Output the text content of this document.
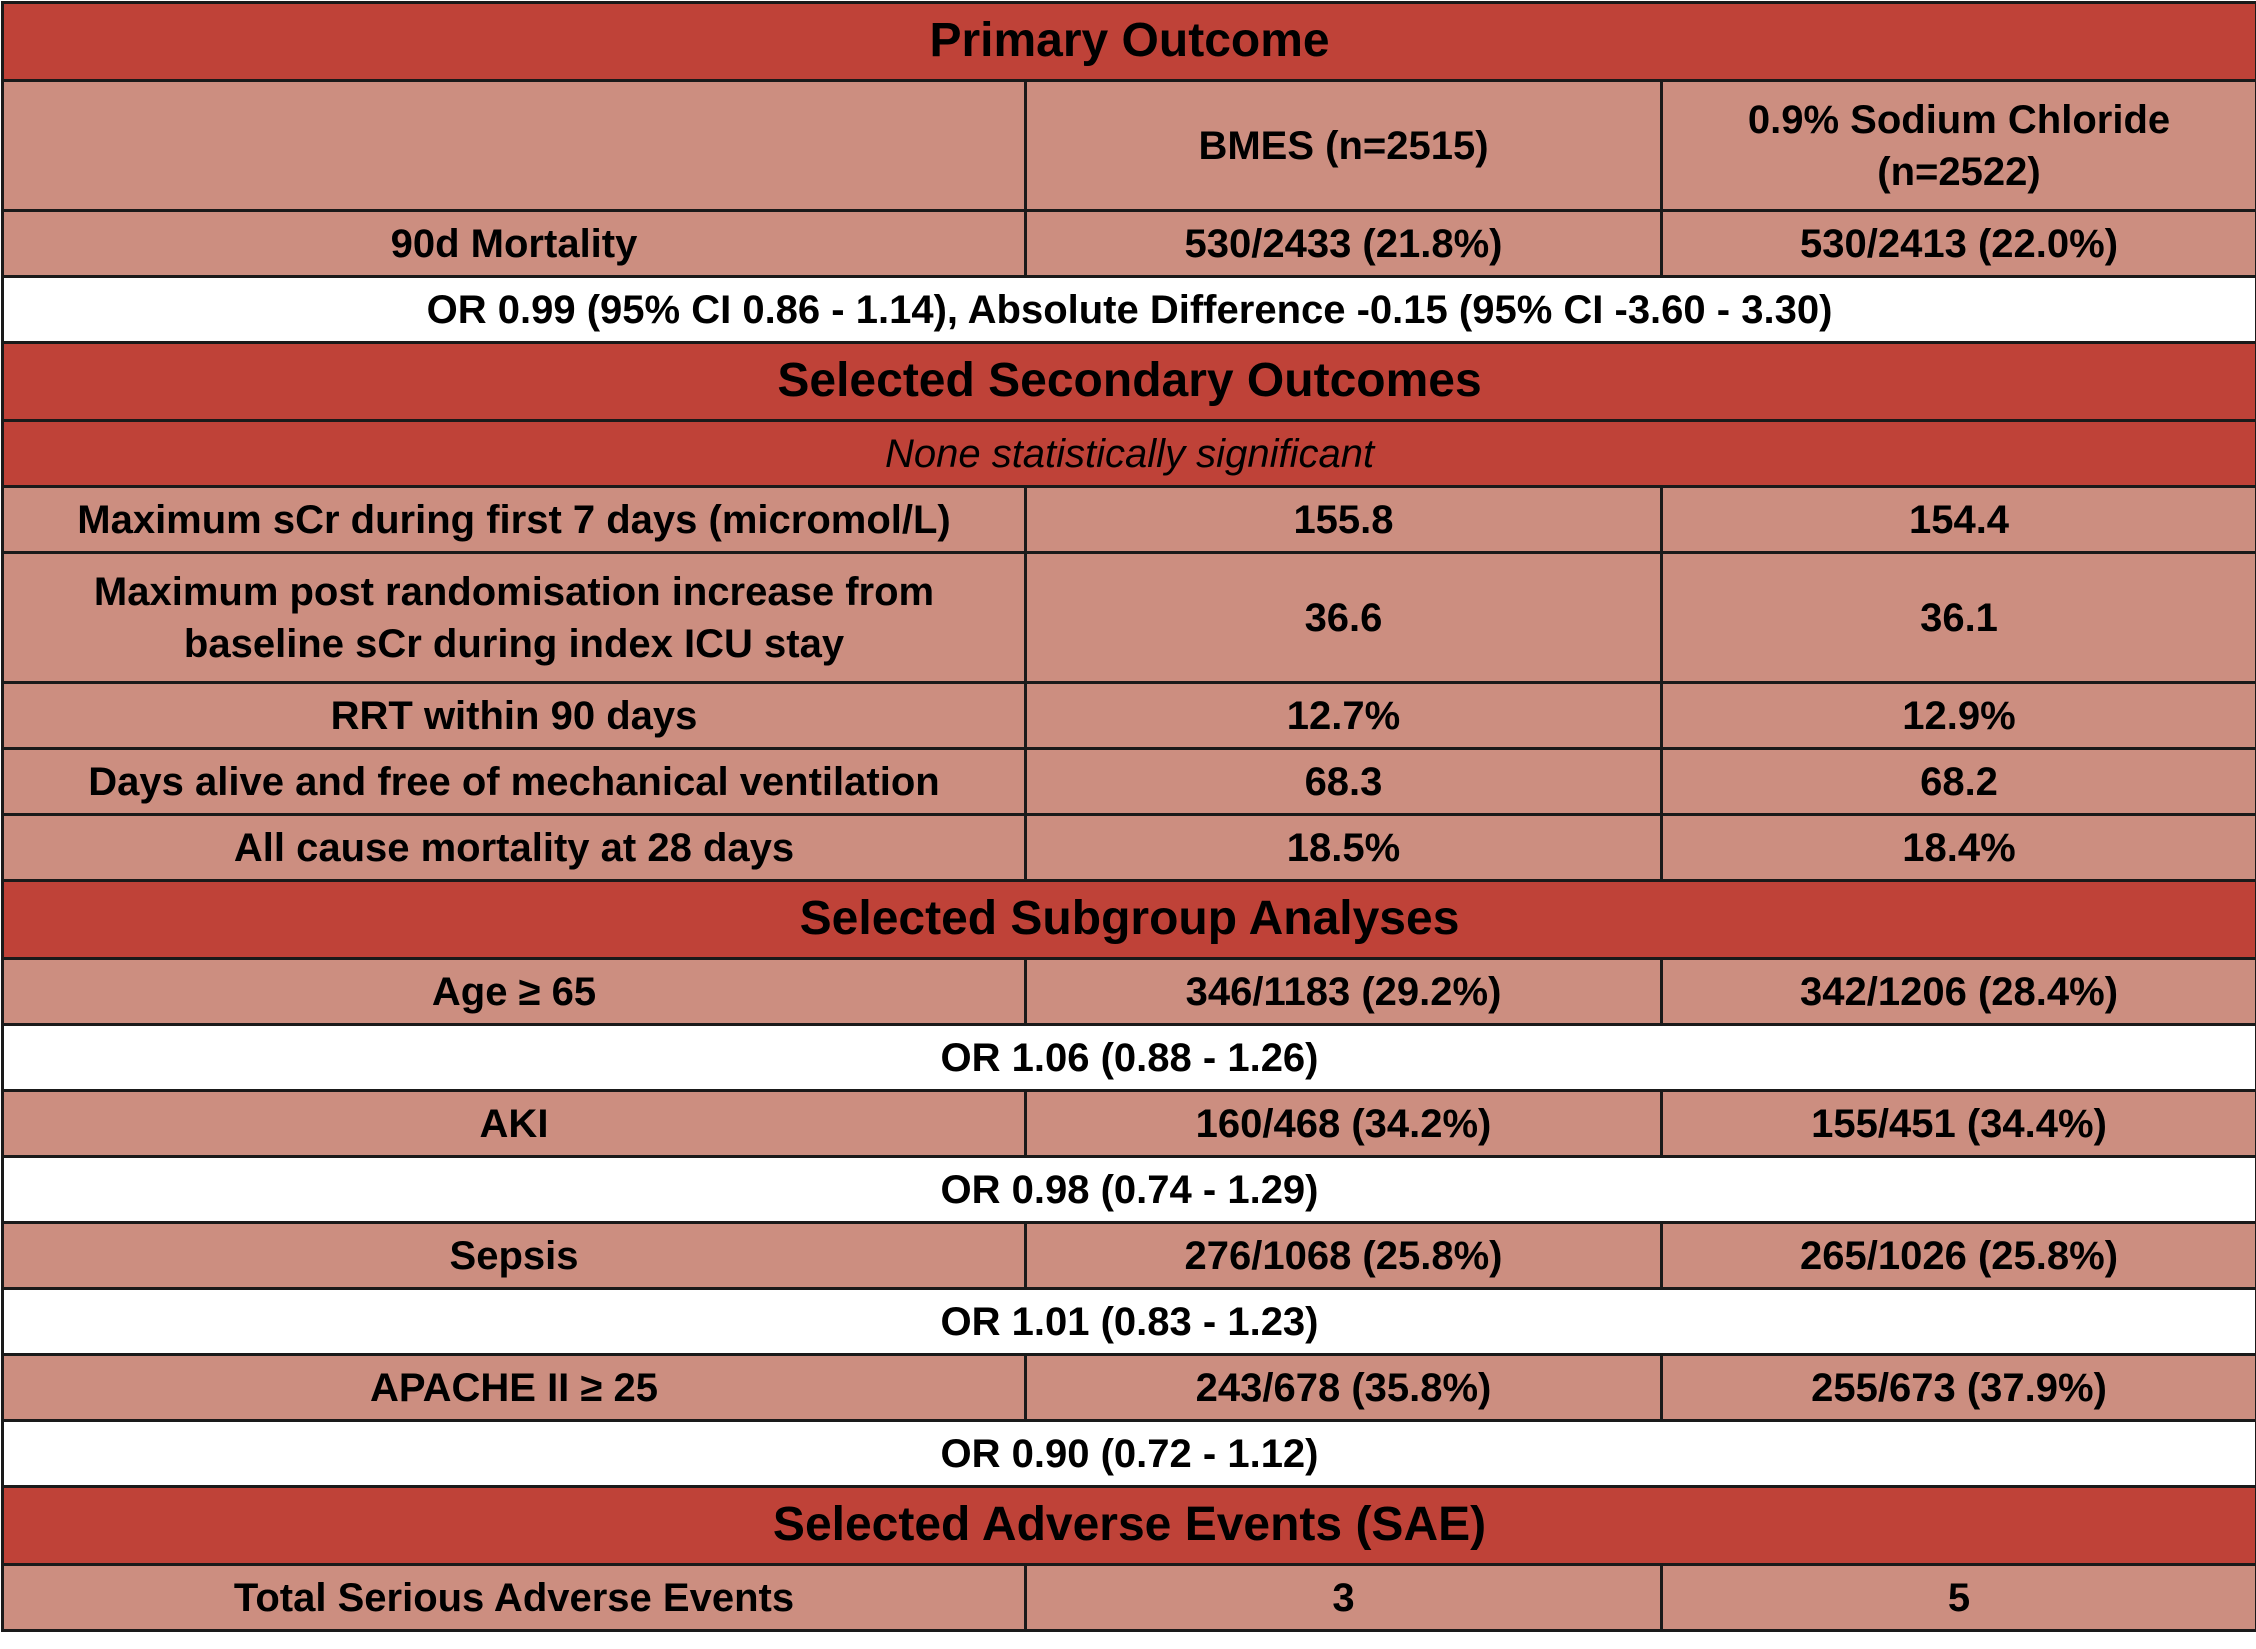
Primary Outcome		
	BMES (n=2515)	0.9% Sodium Chloride (n=2522)
90d Mortality	530/2433 (21.8%)	530/2413 (22.0%)
OR 0.99 (95% CI 0.86 - 1.14), Absolute Difference -0.15 (95% CI -3.60 - 3.30)		
Selected Secondary Outcomes		
None statistically significant		
Maximum sCr during first 7 days (micromol/L)	155.8	154.4
Maximum post randomisation increase from baseline sCr during index ICU stay	36.6	36.1
RRT within 90 days	12.7%	12.9%
Days alive and free of mechanical ventilation	68.3	68.2
All cause mortality at 28 days	18.5%	18.4%
Selected Subgroup Analyses		
Age ≥ 65	346/1183 (29.2%)	342/1206 (28.4%)
OR 1.06 (0.88 - 1.26)		
AKI	160/468 (34.2%)	155/451 (34.4%)
OR 0.98 (0.74 - 1.29)		
Sepsis	276/1068 (25.8%)	265/1026 (25.8%)
OR 1.01 (0.83 - 1.23)		
APACHE II ≥ 25	243/678 (35.8%)	255/673 (37.9%)
OR 0.90 (0.72 - 1.12)		
Selected Adverse Events (SAE)		
Total Serious Adverse Events	3	5
